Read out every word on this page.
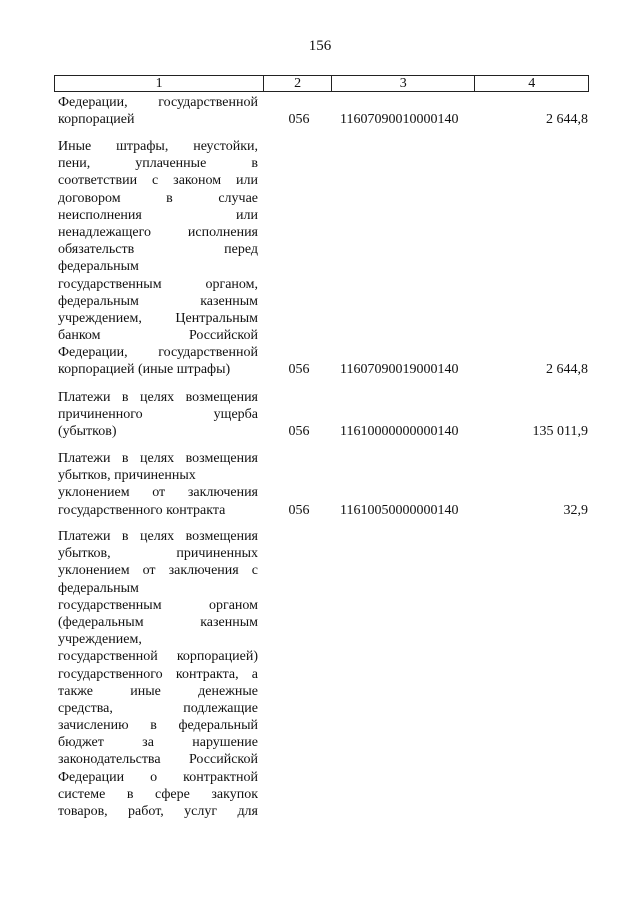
156
1	2	3	4
Федерации, государственной
корпорацией	056	11607090010000140	2 644,8
Иные штрафы, неустойки,
пени, уплаченные в
соответствии с законом или
договором в случае
неисполнения или
ненадлежащего исполнения
обязательств перед
федеральным
государственным органом,
федеральным казенным
учреждением, Центральным
банком Российской
Федерации, государственной
корпорацией (иные штрафы)	056	11607090019000140	2 644,8
Платежи в целях возмещения
причиненного ущерба
(убытков)	056	11610000000000140	135 011,9
Платежи в целях возмещения
убытков, причиненных
уклонением от заключения
государственного контракта	056	11610050000000140	32,9
Платежи в целях возмещения
убытков, причиненных
уклонением от заключения с
федеральным
государственным органом
(федеральным казенным
учреждением,
государственной корпорацией)
государственного контракта, а
также иные денежные
средства, подлежащие
зачислению в федеральный
бюджет за нарушение
законодательства Российской
Федерации о контрактной
системе в сфере закупок
товаров, работ, услуг для
